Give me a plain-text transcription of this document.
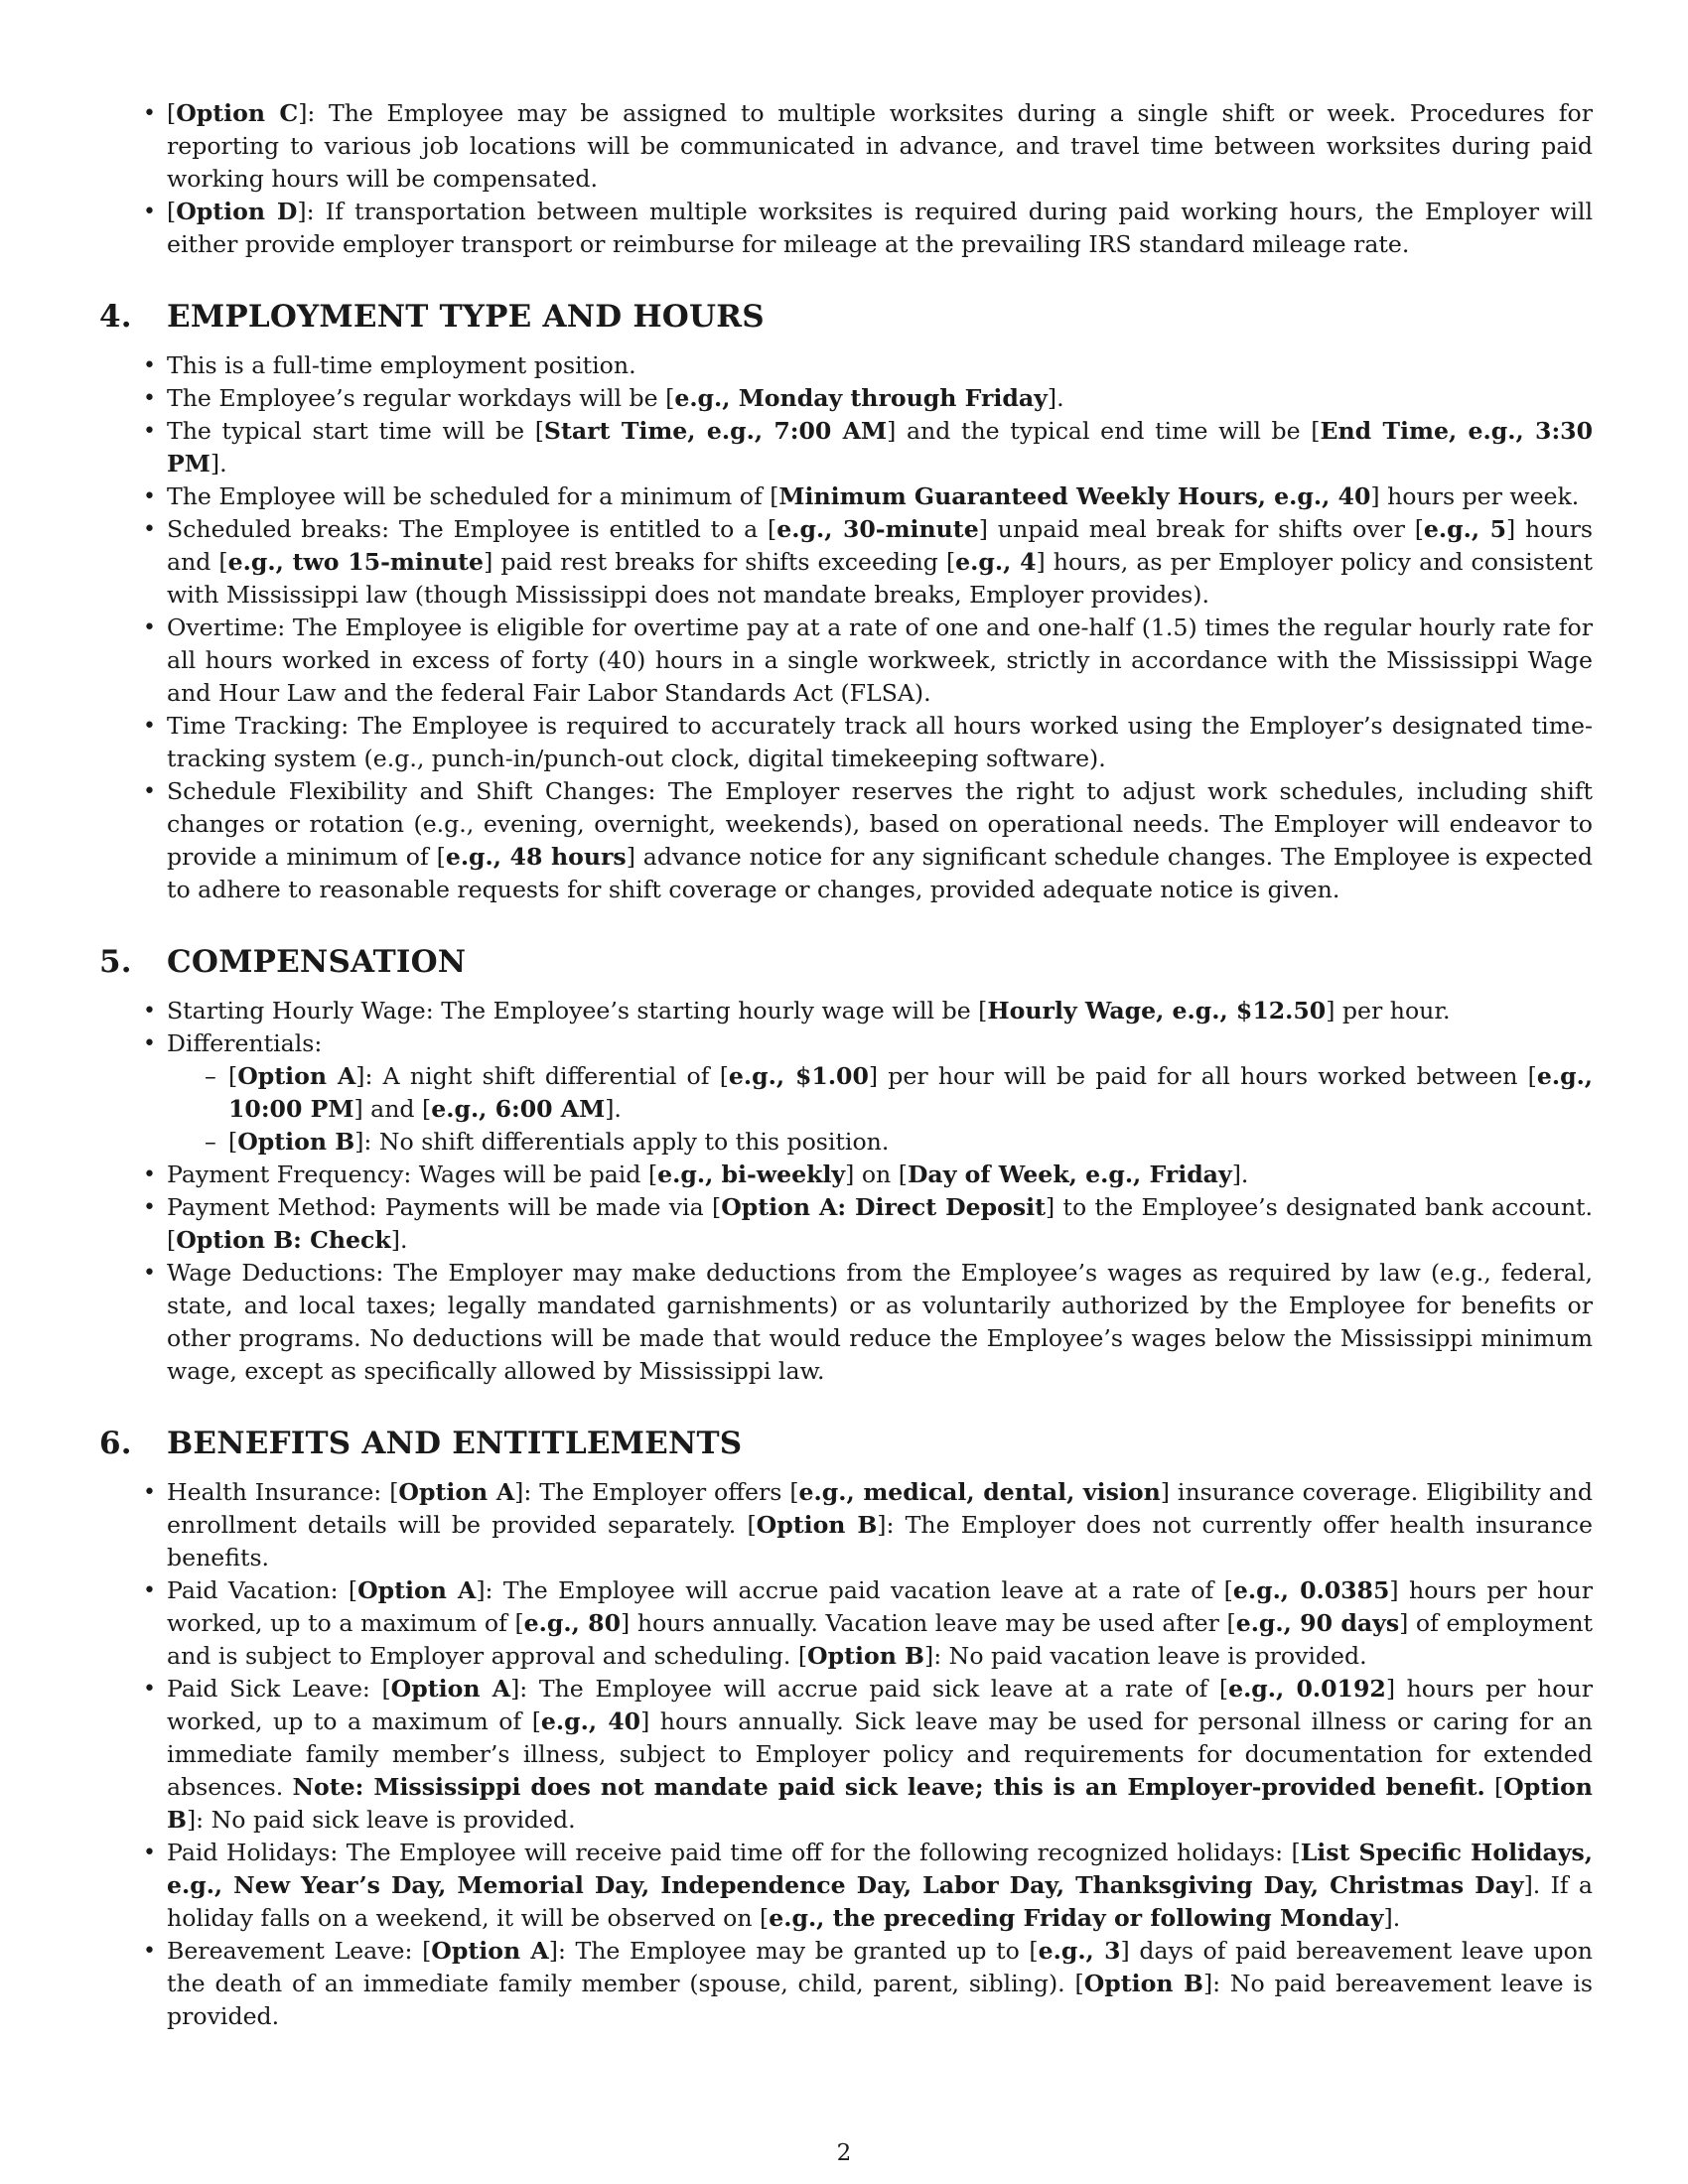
• [Option C]: The Employee may be assigned to multiple worksites during a single shift or week. Procedures for reporting to various job locations will be communicated in advance, and travel time between worksites during paid working hours will be compensated.
• [Option D]: If transportation between multiple worksites is required during paid working hours, the Employer will either provide employer transport or reimburse for mileage at the prevailing IRS standard mileage rate.
4. EMPLOYMENT TYPE AND HOURS
• This is a full-time employment position.
• The Employee’s regular workdays will be [e.g., Monday through Friday].
• The typical start time will be [Start Time, e.g., 7:00 AM] and the typical end time will be [End Time, e.g., 3:30 PM].
• The Employee will be scheduled for a minimum of [Minimum Guaranteed Weekly Hours, e.g., 40] hours per week.
• Scheduled breaks: The Employee is entitled to a [e.g., 30-minute] unpaid meal break for shifts over [e.g., 5] hours and [e.g., two 15-minute] paid rest breaks for shifts exceeding [e.g., 4] hours, as per Employer policy and consistent with Mississippi law (though Mississippi does not mandate breaks, Employer provides).
• Overtime: The Employee is eligible for overtime pay at a rate of one and one-half (1.5) times the regular hourly rate for all hours worked in excess of forty (40) hours in a single workweek, strictly in accordance with the Mississippi Wage and Hour Law and the federal Fair Labor Standards Act (FLSA).
• Time Tracking: The Employee is required to accurately track all hours worked using the Employer’s designated time-tracking system (e.g., punch-in/punch-out clock, digital timekeeping software).
• Schedule Flexibility and Shift Changes: The Employer reserves the right to adjust work schedules, including shift changes or rotation (e.g., evening, overnight, weekends), based on operational needs. The Employer will endeavor to provide a minimum of [e.g., 48 hours] advance notice for any significant schedule changes. The Employee is expected to adhere to reasonable requests for shift coverage or changes, provided adequate notice is given.
5. COMPENSATION
• Starting Hourly Wage: The Employee’s starting hourly wage will be [Hourly Wage, e.g., $12.50] per hour.
• Differentials:
– [Option A]: A night shift differential of [e.g., $1.00] per hour will be paid for all hours worked between [e.g., 10:00 PM] and [e.g., 6:00 AM].
– [Option B]: No shift differentials apply to this position.
• Payment Frequency: Wages will be paid [e.g., bi-weekly] on [Day of Week, e.g., Friday].
• Payment Method: Payments will be made via [Option A: Direct Deposit] to the Employee’s designated bank account. [Option B: Check].
• Wage Deductions: The Employer may make deductions from the Employee’s wages as required by law (e.g., federal, state, and local taxes; legally mandated garnishments) or as voluntarily authorized by the Employee for benefits or other programs. No deductions will be made that would reduce the Employee’s wages below the Mississippi minimum wage, except as specifically allowed by Mississippi law.
6. BENEFITS AND ENTITLEMENTS
• Health Insurance: [Option A]: The Employer offers [e.g., medical, dental, vision] insurance coverage. Eligibility and enrollment details will be provided separately. [Option B]: The Employer does not currently offer health insurance benefits.
• Paid Vacation: [Option A]: The Employee will accrue paid vacation leave at a rate of [e.g., 0.0385] hours per hour worked, up to a maximum of [e.g., 80] hours annually. Vacation leave may be used after [e.g., 90 days] of employment and is subject to Employer approval and scheduling. [Option B]: No paid vacation leave is provided.
• Paid Sick Leave: [Option A]: The Employee will accrue paid sick leave at a rate of [e.g., 0.0192] hours per hour worked, up to a maximum of [e.g., 40] hours annually. Sick leave may be used for personal illness or caring for an immediate family member’s illness, subject to Employer policy and requirements for documentation for extended absences. Note: Mississippi does not mandate paid sick leave; this is an Employer-provided benefit. [Option B]: No paid sick leave is provided.
• Paid Holidays: The Employee will receive paid time off for the following recognized holidays: [List Specific Holidays, e.g., New Year’s Day, Memorial Day, Independence Day, Labor Day, Thanksgiving Day, Christmas Day]. If a holiday falls on a weekend, it will be observed on [e.g., the preceding Friday or following Monday].
• Bereavement Leave: [Option A]: The Employee may be granted up to [e.g., 3] days of paid bereavement leave upon the death of an immediate family member (spouse, child, parent, sibling). [Option B]: No paid bereavement leave is provided.
2
